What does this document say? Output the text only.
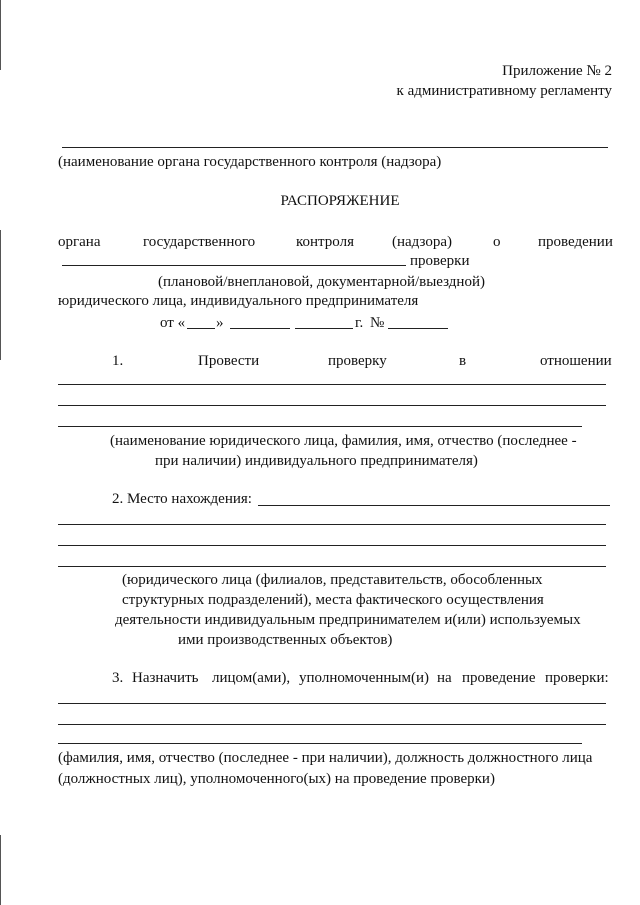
Приложение № 2
к административному регламенту
(наименование органа государственного контроля (надзора)
РАСПОРЯЖЕНИЕ
органа	государственного	контроля	(надзора)	о	проведении
проверки
(плановой/внеплановой, документарной/выездной)
юридического лица, индивидуального предпринимателя
от « »	г. №
1.	Провести	проверку	в	отношении
(наименование юридического лица, фамилия, имя, отчество (последнее -
при наличии) индивидуального предпринимателя)
2. Место нахождения:
(юридического лица (филиалов, представительств, обособленных
структурных подразделений), места фактического осуществления
деятельности индивидуальным предпринимателем и(или) используемых
ими производственных объектов)
3. Назначить лицом(ами), уполномоченным(и) на проведение проверки:
(фамилия, имя, отчество (последнее - при наличии), должность должностного лица
(должностных лиц), уполномоченного(ых) на проведение проверки)
